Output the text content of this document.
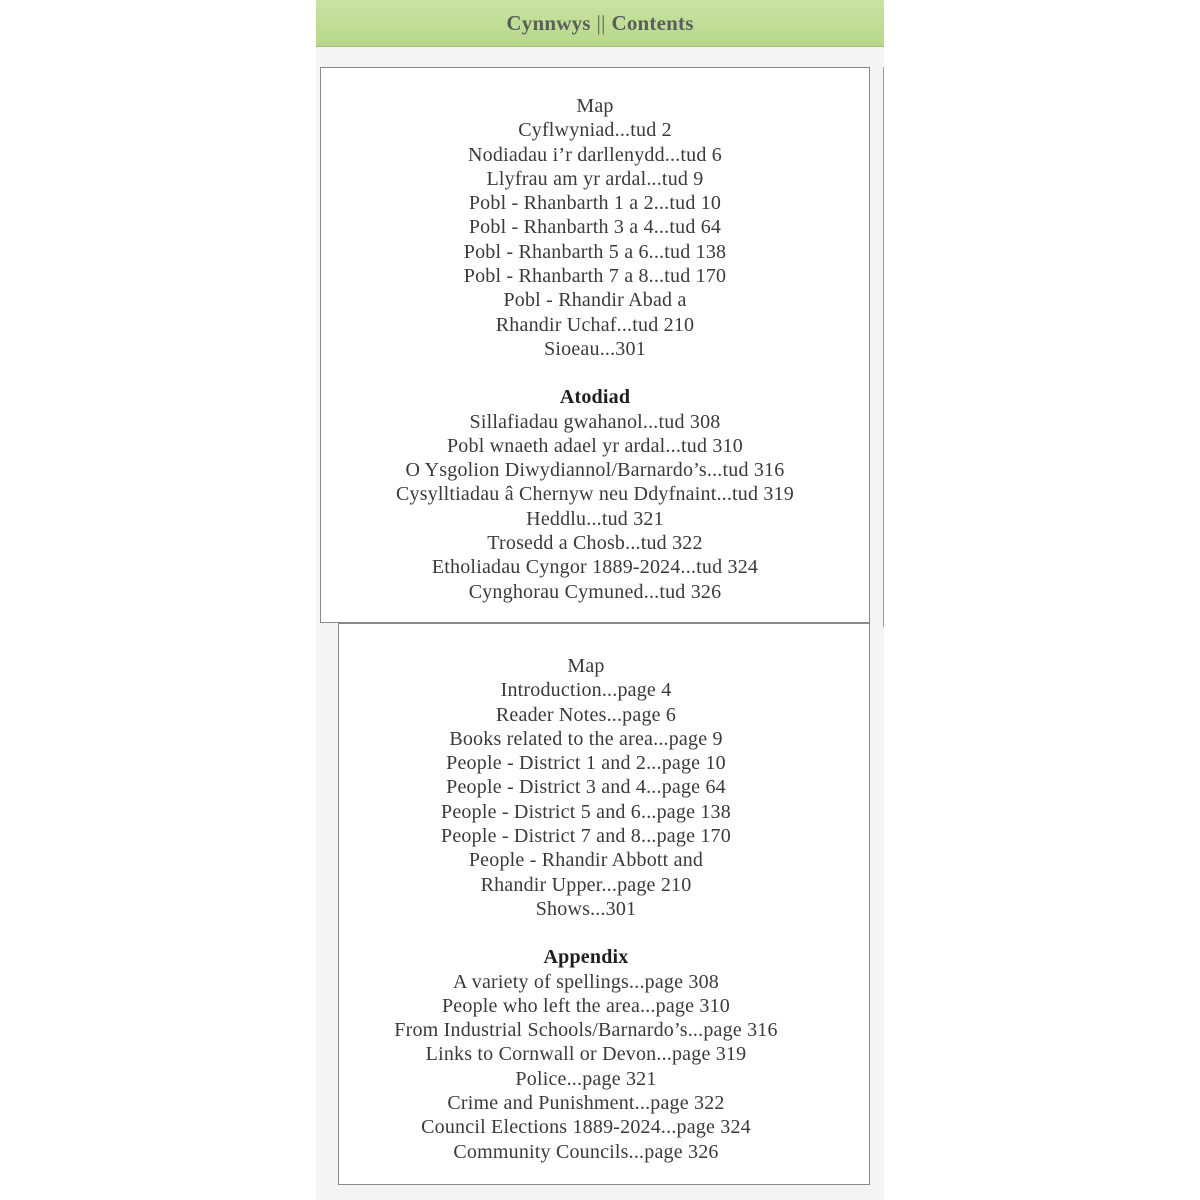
Cynnwys || Contents
Map
Cyflwyniad...tud 2
Nodiadau i’r darllenydd...tud 6
Llyfrau am yr ardal...tud 9
Pobl - Rhanbarth 1 a 2...tud 10
Pobl - Rhanbarth 3 a 4...tud 64
Pobl - Rhanbarth 5 a 6...tud 138
Pobl - Rhanbarth 7 a 8...tud 170
Pobl - Rhandir Abad a
Rhandir Uchaf...tud 210
Sioeau...301
Atodiad
Sillafiadau gwahanol...tud 308
Pobl wnaeth adael yr ardal...tud 310
O Ysgolion Diwydiannol/Barnardo’s...tud 316
Cysylltiadau â Chernyw neu Ddyfnaint...tud 319
Heddlu...tud 321
Trosedd a Chosb...tud 322
Etholiadau Cyngor 1889-2024...tud 324
Cynghorau Cymuned...tud 326
Map
Introduction...page 4
Reader Notes...page 6
Books related to the area...page 9
People - District 1 and 2...page 10
People - District 3 and 4...page 64
People - District 5 and 6...page 138
People - District 7 and 8...page 170
People - Rhandir Abbott and
Rhandir Upper...page 210
Shows...301
Appendix
A variety of spellings...page 308
People who left the area...page 310
From Industrial Schools/Barnardo’s...page 316
Links to Cornwall or Devon...page 319
Police...page 321
Crime and Punishment...page 322
Council Elections 1889-2024...page 324
Community Councils...page 326
